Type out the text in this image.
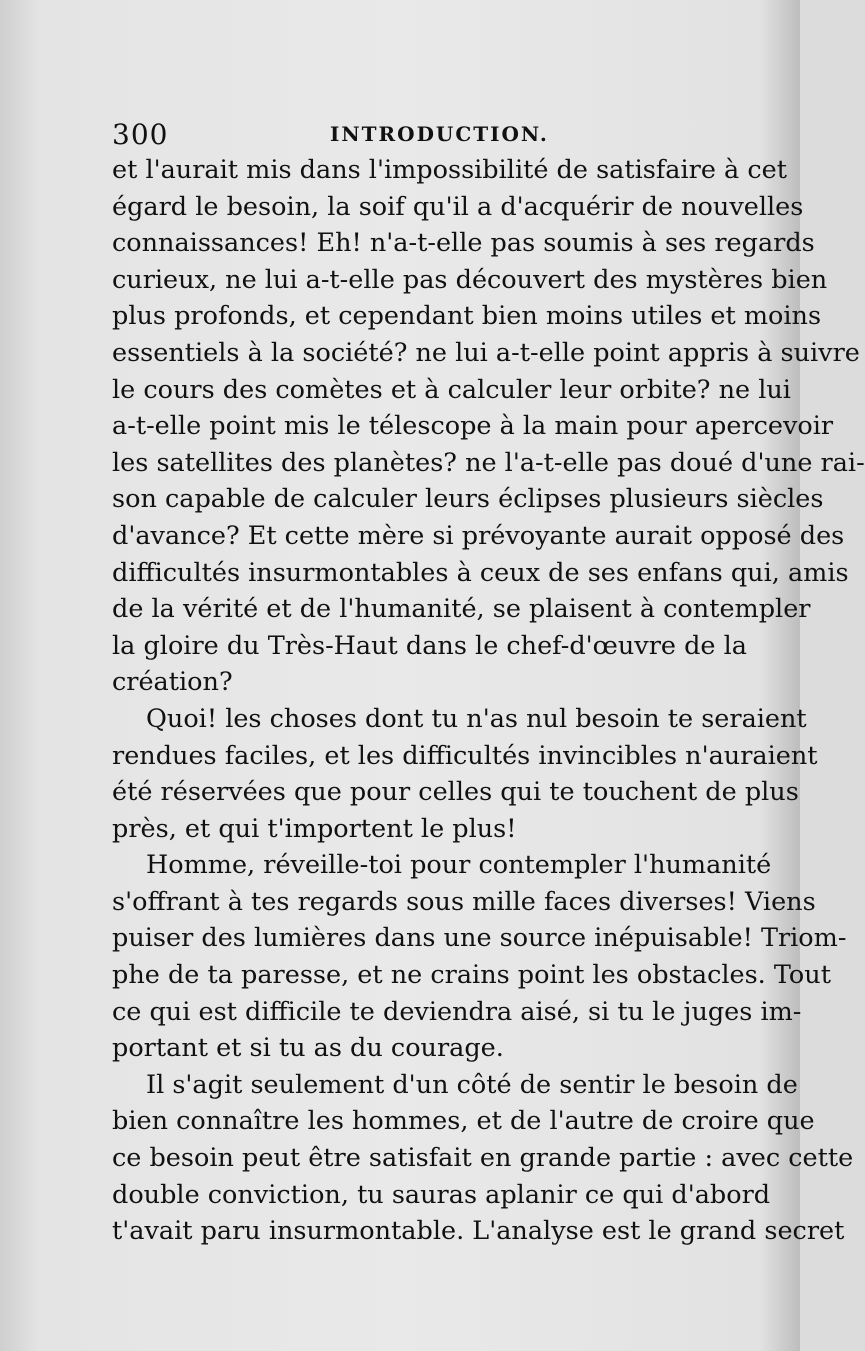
300	INTRODUCTION.
et l'aurait mis dans l'impossibilité de satisfaire à cet
égard le besoin, la soif qu'il a d'acquérir de nouvelles
connaissances! Eh! n'a-t-elle pas soumis à ses regards
curieux, ne lui a-t-elle pas découvert des mystères bien
plus profonds, et cependant bien moins utiles et moins
essentiels à la société? ne lui a-t-elle point appris à suivre
le cours des comètes et à calculer leur orbite? ne lui
a-t-elle point mis le télescope à la main pour apercevoir
les satellites des planètes? ne l'a-t-elle pas doué d'une rai-
son capable de calculer leurs éclipses plusieurs siècles
d'avance? Et cette mère si prévoyante aurait opposé des
difficultés insurmontables à ceux de ses enfans qui, amis
de la vérité et de l'humanité, se plaisent à contempler
la gloire du Très-Haut dans le chef-d'œuvre de la
création?
Quoi! les choses dont tu n'as nul besoin te seraient
rendues faciles, et les difficultés invincibles n'auraient
été réservées que pour celles qui te touchent de plus
près, et qui t'importent le plus!
Homme, réveille-toi pour contempler l'humanité
s'offrant à tes regards sous mille faces diverses! Viens
puiser des lumières dans une source inépuisable! Triom-
phe de ta paresse, et ne crains point les obstacles. Tout
ce qui est difficile te deviendra aisé, si tu le juges im-
portant et si tu as du courage.
Il s'agit seulement d'un côté de sentir le besoin de
bien connaître les hommes, et de l'autre de croire que
ce besoin peut être satisfait en grande partie : avec cette
double conviction, tu sauras aplanir ce qui d'abord
t'avait paru insurmontable. L'analyse est le grand secret
